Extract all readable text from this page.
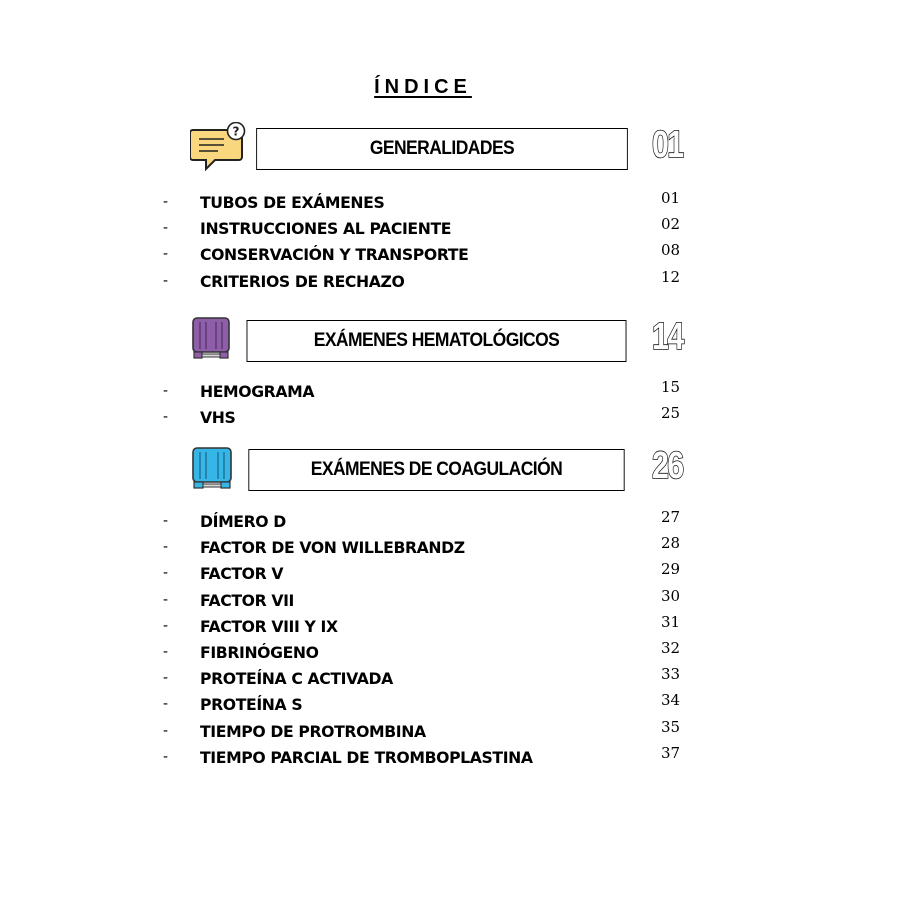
ÍNDICE
?
GENERALIDADES	01
- TUBOS DE EXÁMENES	01
- INSTRUCCIONES AL PACIENTE	02
- CONSERVACIÓN Y TRANSPORTE	08
- CRITERIOS DE RECHAZO	12
EXÁMENES HEMATOLÓGICOS 14
- HEMOGRAMA	15
- VHS	25
EXÁMENES DE COAGULACIÓN 26
- DÍMERO D	27
- FACTOR DE VON WILLEBRANDZ	28
- FACTOR V	29
- FACTOR VII	30
- FACTOR VIII Y IX	31
- FIBRINÓGENO	32
- PROTEÍNA C ACTIVADA	33
- PROTEÍNA S	34
- TIEMPO DE PROTROMBINA	35
- TIEMPO PARCIAL DE TROMBOPLASTINA	37
